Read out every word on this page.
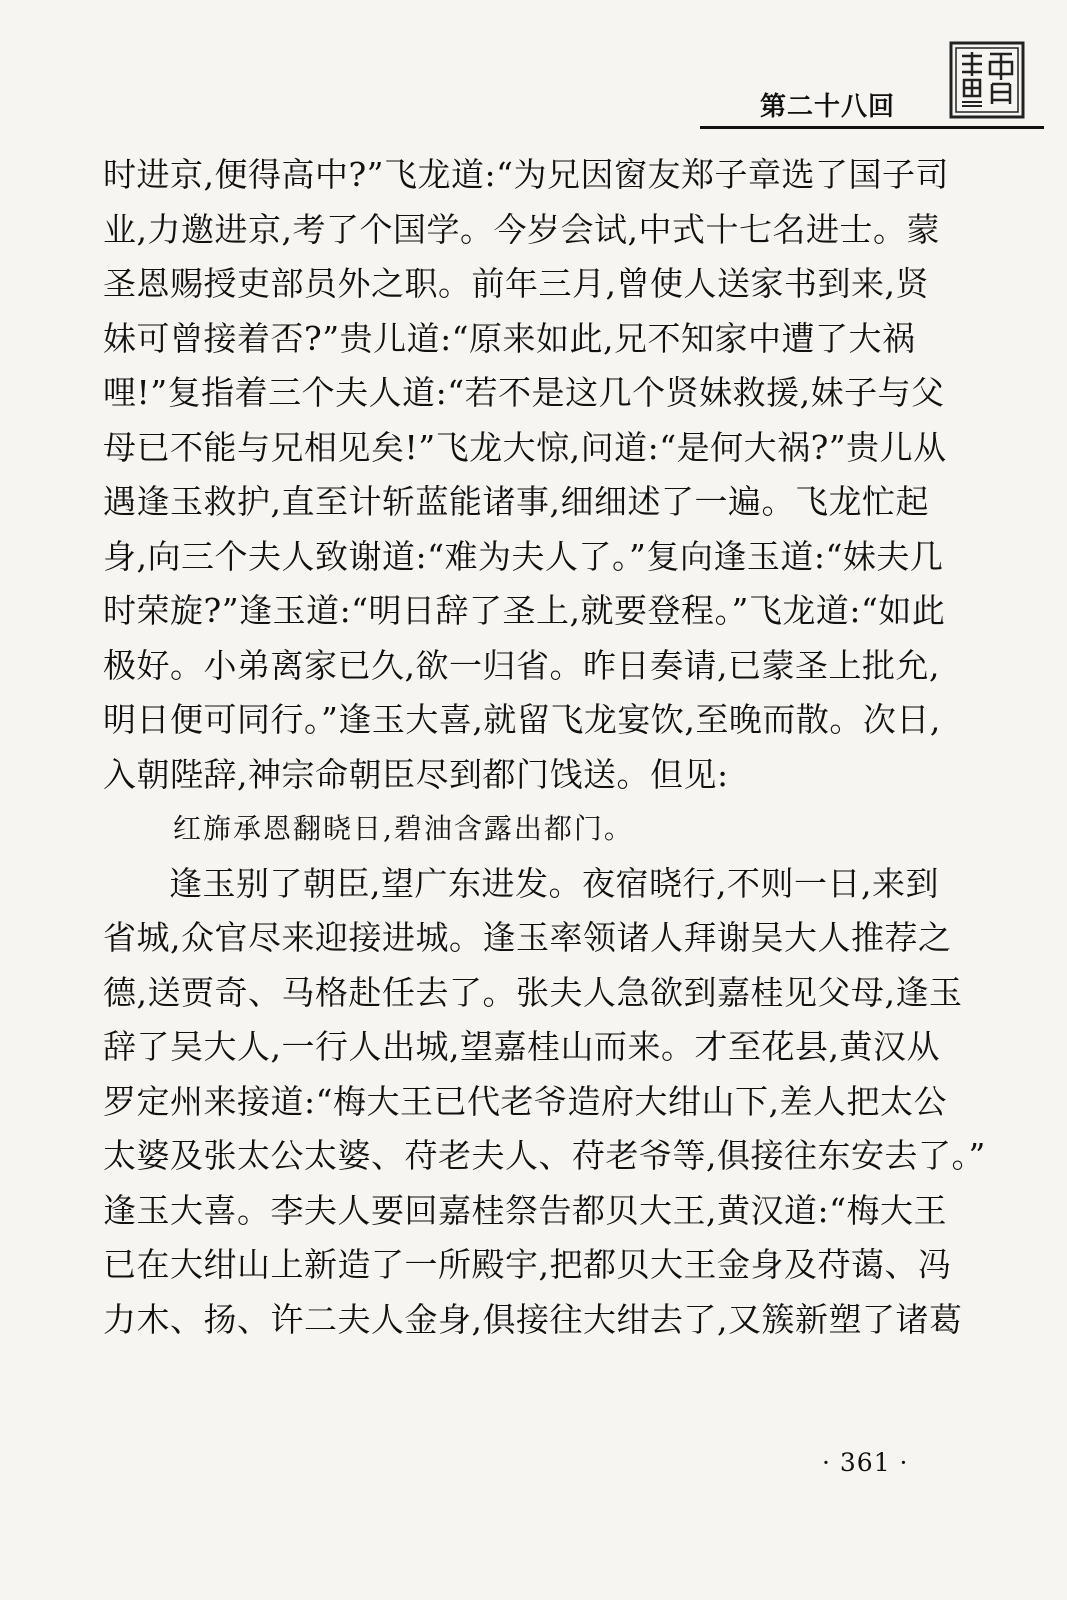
第二十八回
时进京,便得高中?”飞龙道:“为兄因窗友郑子章选了国子司
业,力邀进京,考了个国学。今岁会试,中式十七名进士。蒙
圣恩赐授吏部员外之职。前年三月,曾使人送家书到来,贤
妹可曾接着否?”贵儿道:“原来如此,兄不知家中遭了大祸
哩!”复指着三个夫人道:“若不是这几个贤妹救援,妹子与父
母已不能与兄相见矣!”飞龙大惊,问道:“是何大祸?”贵儿从
遇逢玉救护,直至计斩蓝能诸事,细细述了一遍。飞龙忙起
身,向三个夫人致谢道:“难为夫人了。”复向逢玉道:“妹夫几
时荣旋?”逢玉道:“明日辞了圣上,就要登程。”飞龙道:“如此
极好。小弟离家已久,欲一归省。昨日奏请,已蒙圣上批允,
明日便可同行。”逢玉大喜,就留飞龙宴饮,至晚而散。次日,
入朝陛辞,神宗命朝臣尽到都门饯送。但见:
红旆承恩翻晓日,碧油含露出都门。
逢玉别了朝臣,望广东进发。夜宿晓行,不则一日,来到
省城,众官尽来迎接进城。逢玉率领诸人拜谢吴大人推荐之
德,送贾奇、马格赴任去了。张夫人急欲到嘉桂见父母,逢玉
辞了吴大人,一行人出城,望嘉桂山而来。才至花县,黄汉从
罗定州来接道:“梅大王已代老爷造府大绀山下,差人把太公
太婆及张太公太婆、苻老夫人、苻老爷等,俱接往东安去了。”
逢玉大喜。李夫人要回嘉桂祭告都贝大王,黄汉道:“梅大王
已在大绀山上新造了一所殿宇,把都贝大王金身及苻蔼、冯
力木、扬、许二夫人金身,俱接往大绀去了,又簇新塑了诸葛
· 361 ·
